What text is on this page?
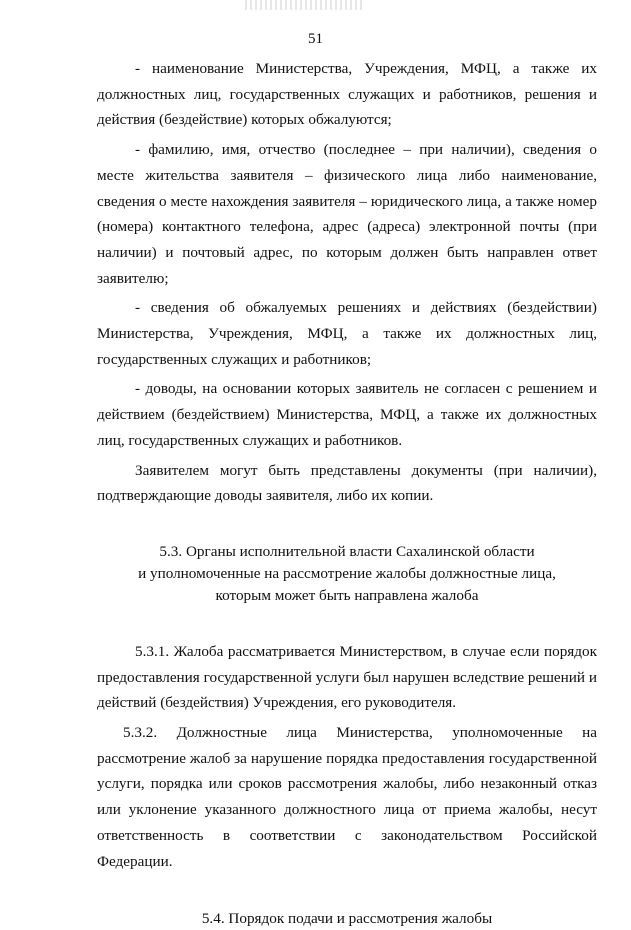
51

- наименование Министерства, Учреждения, МФЦ, а также их должностных лиц, государственных служащих и работников, решения и действия (бездействие) которых обжалуются;

- фамилию, имя, отчество (последнее – при наличии), сведения о месте жительства заявителя – физического лица либо наименование, сведения о месте нахождения заявителя – юридического лица, а также номер (номера) контактного телефона, адрес (адреса) электронной почты (при наличии) и почтовый адрес, по которым должен быть направлен ответ заявителю;

- сведения об обжалуемых решениях и действиях (бездействии) Министерства, Учреждения, МФЦ, а также их должностных лиц, государственных служащих и работников;

- доводы, на основании которых заявитель не согласен с решением и действием (бездействием) Министерства, МФЦ, а также их должностных лиц, государственных служащих и работников.

Заявителем могут быть представлены документы (при наличии), подтверждающие доводы заявителя, либо их копии.

5.3. Органы исполнительной власти Сахалинской области
и уполномоченные на рассмотрение жалобы должностные лица,
которым может быть направлена жалоба

5.3.1. Жалоба рассматривается Министерством, в случае если порядок предоставления государственной услуги был нарушен вследствие решений и действий (бездействия) Учреждения, его руководителя.

5.3.2. Должностные лица Министерства, уполномоченные на рассмотрение жалоб за нарушение порядка предоставления государственной услуги, порядка или сроков рассмотрения жалобы, либо незаконный отказ или уклонение указанного должностного лица от приема жалобы, несут ответственность в соответствии с законодательством Российской Федерации.

5.4. Порядок подачи и рассмотрения жалобы
